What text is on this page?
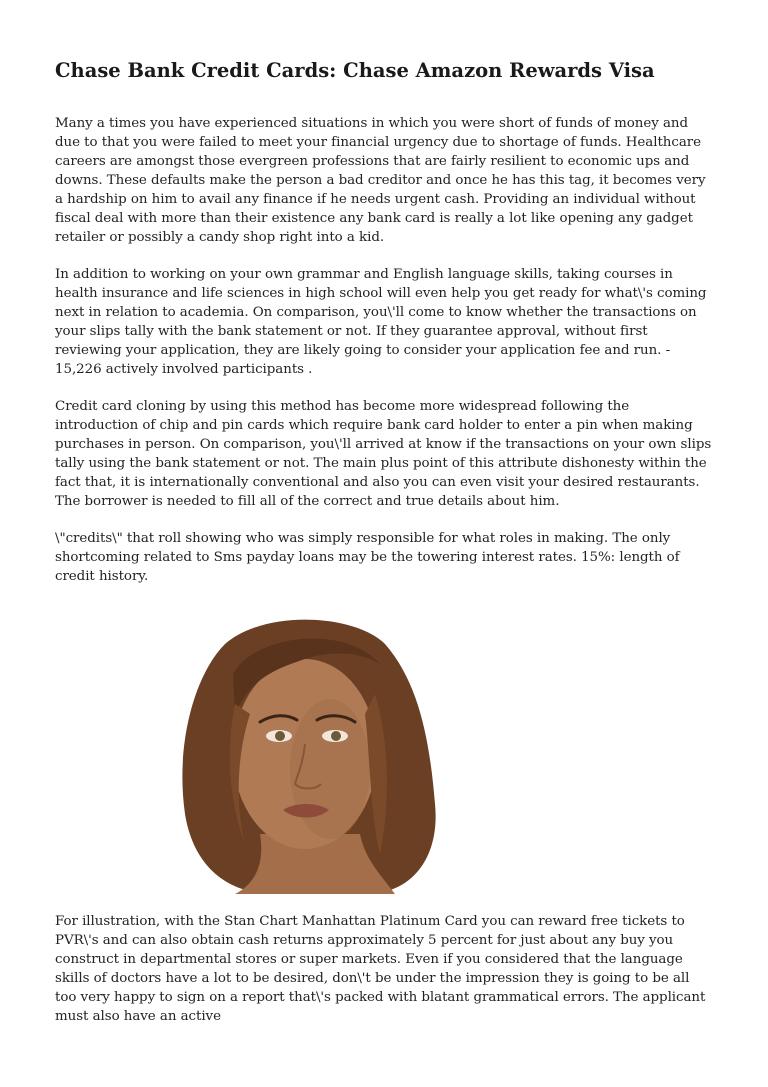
Chase Bank Credit Cards: Chase Amazon Rewards Visa

Many a times you have experienced situations in which you were short of funds of money and due to that you were failed to meet your financial urgency due to shortage of funds. Healthcare careers are amongst those evergreen professions that are fairly resilient to economic ups and downs. These defaults make the person a bad creditor and once he has this tag, it becomes very a hardship on him to avail any finance if he needs urgent cash. Providing an individual without fiscal deal with more than their existence any bank card is really a lot like opening any gadget retailer or possibly a candy shop right into a kid.

In addition to working on your own grammar and English language skills, taking courses in health insurance and life sciences in high school will even help you get ready for what\'s coming next in relation to academia. On comparison, you\'ll come to know whether the transactions on your slips tally with the bank statement or not. If they guarantee approval, without first reviewing your application, they are likely going to consider your application fee and run. - 15,226 actively involved participants .

Credit card cloning by using this method has become more widespread following the introduction of chip and pin cards which require bank card holder to enter a pin when making purchases in person. On comparison, you\'ll arrived at know if the transactions on your own slips tally using the bank statement or not. The main plus point of this attribute dishonesty within the fact that, it is internationally conventional and also you can even visit your desired restaurants. The borrower is needed to fill all of the correct and true details about him.

\"credits\" that roll showing who was simply responsible for what roles in making. The only shortcoming related to Sms payday loans may be the towering interest rates. 15%: length of credit history.

For illustration, with the Stan Chart Manhattan Platinum Card you can reward free tickets to PVR\'s and can also obtain cash returns approximately 5 percent for just about any buy you construct in departmental stores or super markets. Even if you considered that the language skills of doctors have a lot to be desired, don\'t be under the impression they is going to be all too very happy to sign on a report that\'s packed with blatant grammatical errors. The applicant must also have an active
